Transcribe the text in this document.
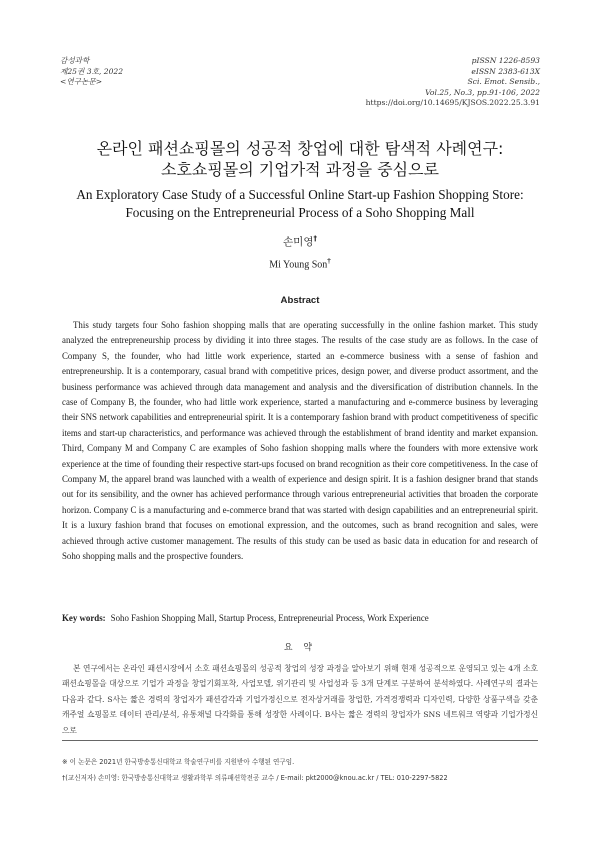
감성과학
제25권 3호, 2022
<연구논문>
pISSN 1226-8593
eISSN 2383-613X
Sci. Emot. Sensib.,
Vol.25, No.3, pp.91-106, 2022
https://doi.org/10.14695/KJSOS.2022.25.3.91
온라인 패션쇼핑몰의 성공적 창업에 대한 탐색적 사례연구:
소호쇼핑몰의 기업가적 과정을 중심으로
An Exploratory Case Study of a Successful Online Start-up Fashion Shopping Store:
Focusing on the Entrepreneurial Process of a Soho Shopping Mall
손미영†
Mi Young Son†
Abstract

This study targets four Soho fashion shopping malls that are operating successfully in the online fashion market. This study analyzed the entrepreneurship process by dividing it into three stages. The results of the case study are as follows. In the case of Company S, the founder, who had little work experience, started an e-commerce business with a sense of fashion and entrepreneurship. It is a contemporary, casual brand with competitive prices, design power, and diverse product assortment, and the business performance was achieved through data management and analysis and the diversification of distribution channels. In the case of Company B, the founder, who had little work experience, started a manufacturing and e-commerce business by leveraging their SNS network capabilities and entrepreneurial spirit. It is a contemporary fashion brand with product competitiveness of specific items and start-up characteristics, and performance was achieved through the establishment of brand identity and market expansion. Third, Company M and Company C are examples of Soho fashion shopping malls where the founders with more extensive work experience at the time of founding their respective start-ups focused on brand recognition as their core competitiveness. In the case of Company M, the apparel brand was launched with a wealth of experience and design spirit. It is a fashion designer brand that stands out for its sensibility, and the owner has achieved performance through various entrepreneurial activities that broaden the corporate horizon. Company C is a manufacturing and e-commerce brand that was started with design capabilities and an entrepreneurial spirit. It is a luxury fashion brand that focuses on emotional expression, and the outcomes, such as brand recognition and sales, were achieved through active customer management. The results of this study can be used as basic data in education for and research of Soho shopping malls and the prospective founders.

Key words: Soho Fashion Shopping Mall, Startup Process, Entrepreneurial Process, Work Experience
요 약

본 연구에서는 온라인 패션시장에서 소호 패션쇼핑몰의 성공적 창업의 성장 과정을 알아보기 위해 현재 성공적으로 운영되고 있는 4개 소호 패션쇼핑몰을 대상으로 기업가 과정을 창업기회포착, 사업모델, 위기관리 및 사업성과 등 3개 단계로 구분하여 분석하였다. 사례연구의 결과는 다음과 같다. S사는 짧은 경력의 창업자가 패션감각과 기업가정신으로 전자상거래를 창업한, 가격경쟁력과 디자인력, 다양한 상품구색을 갖춘 캐주얼 쇼핑몰로 데이터 관리/분석, 유통채널 다각화를 통해 성장한 사례이다. B사는 짧은 경력의 창업자가 SNS 네트워크 역량과 기업가정신으로

※ 이 논문은 2021년 한국방송통신대학교 학술연구비를 지원받아 수행된 연구임.
†(교신저자) 손미영: 한국방송통신대학교 생활과학부 의류패션학전공 교수 / E-mail: pkt2000@knou.ac.kr / TEL: 010-2297-5822
